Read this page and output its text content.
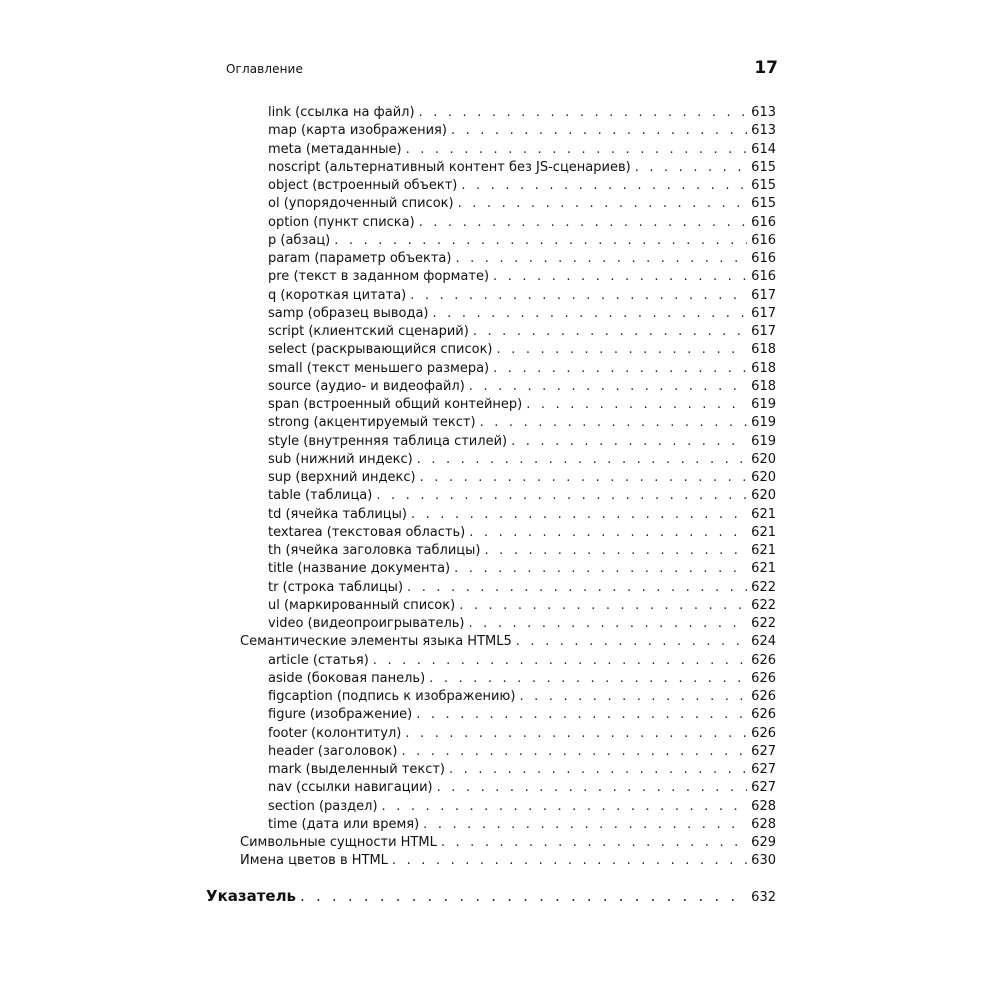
Оглавление	17
link (ссылка на файл) . . .	613
map (карта изображения) . . .	613
meta (метаданные) . . .	614
noscript (альтернативный контент без JS-сценариев) . . .	615
object (встроенный объект) . . .	615
ol (упорядоченный список) . . .	615
option (пункт списка) . . .	616
p (абзац) . . .	616
param (параметр объекта) . . .	616
pre (текст в заданном формате) . . .	616
q (короткая цитата) . . .	617
samp (образец вывода) . . .	617
script (клиентский сценарий) . . .	617
select (раскрывающийся список) . . .	618
small (текст меньшего размера) . . .	618
source (аудио- и видеофайл) . . .	618
span (встроенный общий контейнер) . . .	619
strong (акцентируемый текст) . . .	619
style (внутренняя таблица стилей) . . .	619
sub (нижний индекс) . . .	620
sup (верхний индекс) . . .	620
table (таблица) . . .	620
td (ячейка таблицы) . . .	621
textarea (текстовая область) . . .	621
th (ячейка заголовка таблицы) . . .	621
title (название документа) . . .	621
tr (строка таблицы) . . .	622
ul (маркированный список) . . .	622
video (видеопроигрыватель) . . .	622
Семантические элементы языка HTML5 . . .	624
article (статья) . . .	626
aside (боковая панель) . . .	626
figcaption (подпись к изображению) . . .	626
figure (изображение) . . .	626
footer (колонтитул) . . .	626
header (заголовок) . . .	627
mark (выделенный текст) . . .	627
nav (ссылки навигации) . . .	627
section (раздел) . . .	628
time (дата или время) . . .	628
Символьные сущности HTML . . .	629
Имена цветов в HTML . . .	630
Указатель . . .	632
